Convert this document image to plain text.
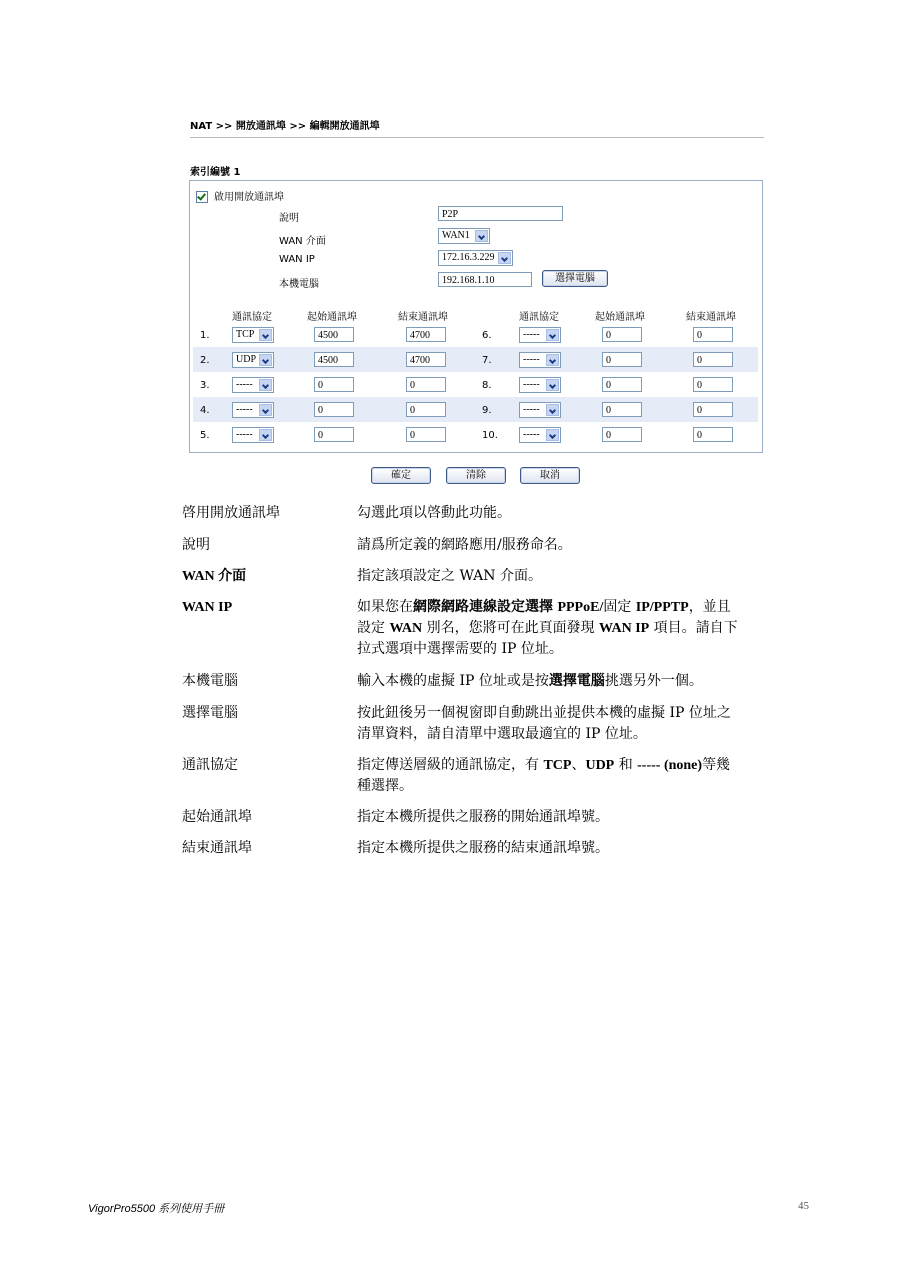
NAT >> 開放通訊埠 >> 編輯開放通訊埠
索引編號 1
啟用開放通訊埠
說明	P2P
WAN 介面
WAN1
WAN IP	172.16.3.229
本機電腦	192.168.1.10	選擇電腦
通訊協定	起始通訊埠	結束通訊埠	通訊協定	起始通訊埠	結束通訊埠
1.	TCP	4500	4700	6.	-----	0	0
2.	UDP	4500	4700	7.	-----	0	0
3.	-----	0	0	8.	-----	0	0
4.	-----	0	0	9.	-----	0	0
5.	-----	0	0	10.	-----	0	0
確定	清除	取消
啓用開放通訊埠	勾選此項以啓動此功能。
說明	請爲所定義的網路應用/服務命名。
WAN 介面	指定該項設定之 WAN 介面。
WAN IP	如果您在網際網路連線設定選擇 PPPoE/固定 IP/PPTP，並且
設定 WAN 別名，您將可在此頁面發現 WAN IP 項目。請自下
拉式選項中選擇需要的 IP 位址。
本機電腦	輸入本機的虛擬 IP 位址或是按選擇電腦挑選另外一個。
選擇電腦	按此鈕後另一個視窗即自動跳出並提供本機的虛擬 IP 位址之
清單資料，請自清單中選取最適宜的 IP 位址。
通訊協定	指定傳送層級的通訊協定，有 TCP、UDP 和 ----- (none)等幾
種選擇。
起始通訊埠	指定本機所提供之服務的開始通訊埠號。
結束通訊埠	指定本機所提供之服務的結束通訊埠號。
VigorPro5500 系列使用手冊	45
